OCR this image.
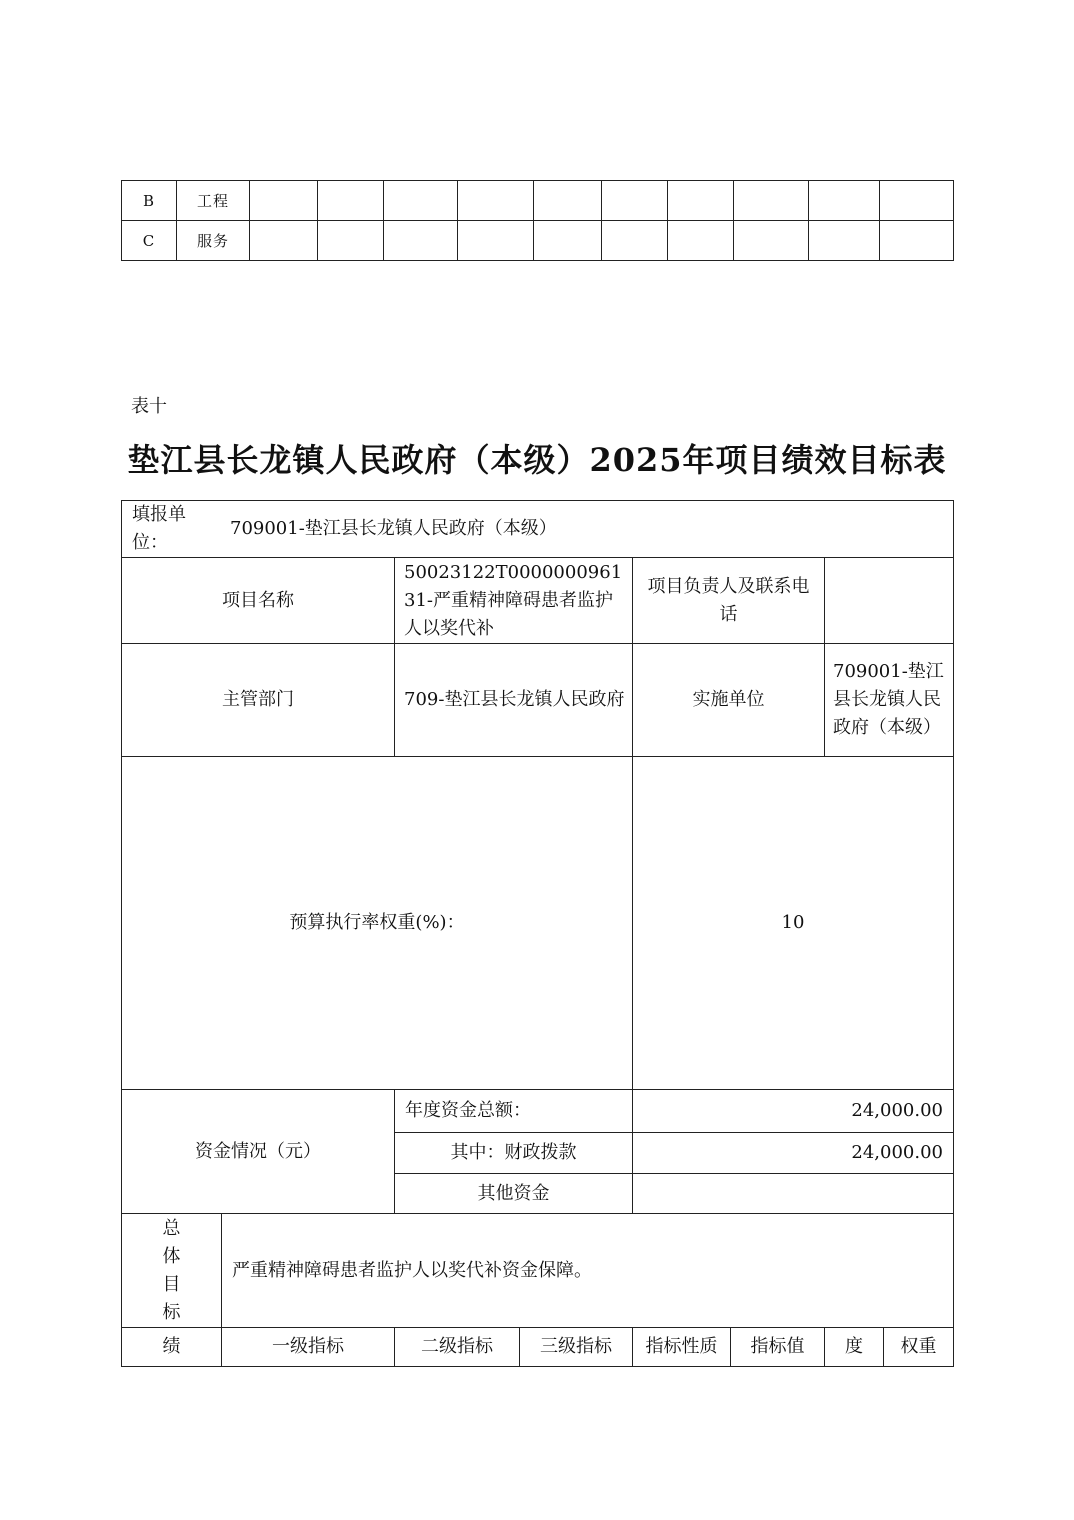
B	工程										
C	服务										
表十
垫江县长龙镇人民政府（本级）2025年项目绩效目标表
填报单位：
709001-垫江县长龙镇人民政府（本级）							

项目名称		50023122T000000096131-严重精神障碍患者监护人以奖代补		项目负责人及联系电话			
主管部门		709-垫江县长龙镇人民政府		实施单位		709001-垫江县长龙镇人民政府（本级）	
预算执行率权重(%)：				10			
资金情况（元）		年度资金总额：		24,000.00			
		其中：财政拨款		24,000.00			
		其他资金					

总
体
目
标	严重精神障碍患者监护人以奖代补资金保障。						
绩	一级指标	二级指标	三级指标	指标性质	指标值	度	权重
